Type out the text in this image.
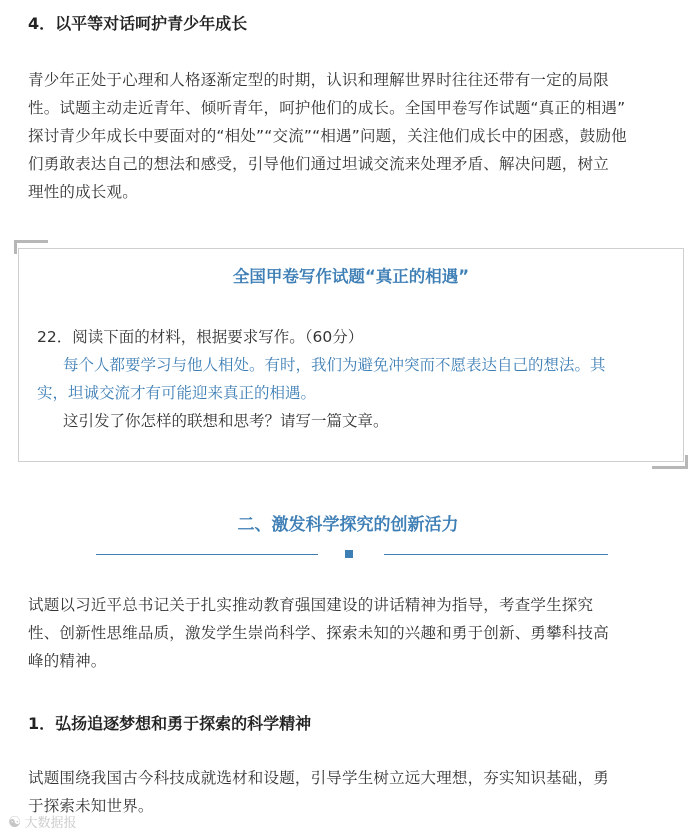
4．以平等对话呵护青少年成长
青少年正处于心理和人格逐渐定型的时期，认识和理解世界时往往还带有一定的局限
性。试题主动走近青年、倾听青年，呵护他们的成长。全国甲卷写作试题“真正的相遇”
探讨青少年成长中要面对的“相处”“交流”“相遇”问题，关注他们成长中的困惑，鼓励他
们勇敢表达自己的想法和感受，引导他们通过坦诚交流来处理矛盾、解决问题，树立
理性的成长观。
全国甲卷写作试题“真正的相遇”
22．阅读下面的材料，根据要求写作。（60分）
每个人都要学习与他人相处。有时，我们为避免冲突而不愿表达自己的想法。其
实，坦诚交流才有可能迎来真正的相遇。
这引发了你怎样的联想和思考？请写一篇文章。
二、激发科学探究的创新活力
试题以习近平总书记关于扎实推动教育强国建设的讲话精神为指导，考查学生探究
性、创新性思维品质，激发学生崇尚科学、探索未知的兴趣和勇于创新、勇攀科技高
峰的精神。
1．弘扬追逐梦想和勇于探索的科学精神
试题围绕我国古今科技成就选材和设题，引导学生树立远大理想，夯实知识基础，勇
于探索未知世界。
☯ 大数据报
